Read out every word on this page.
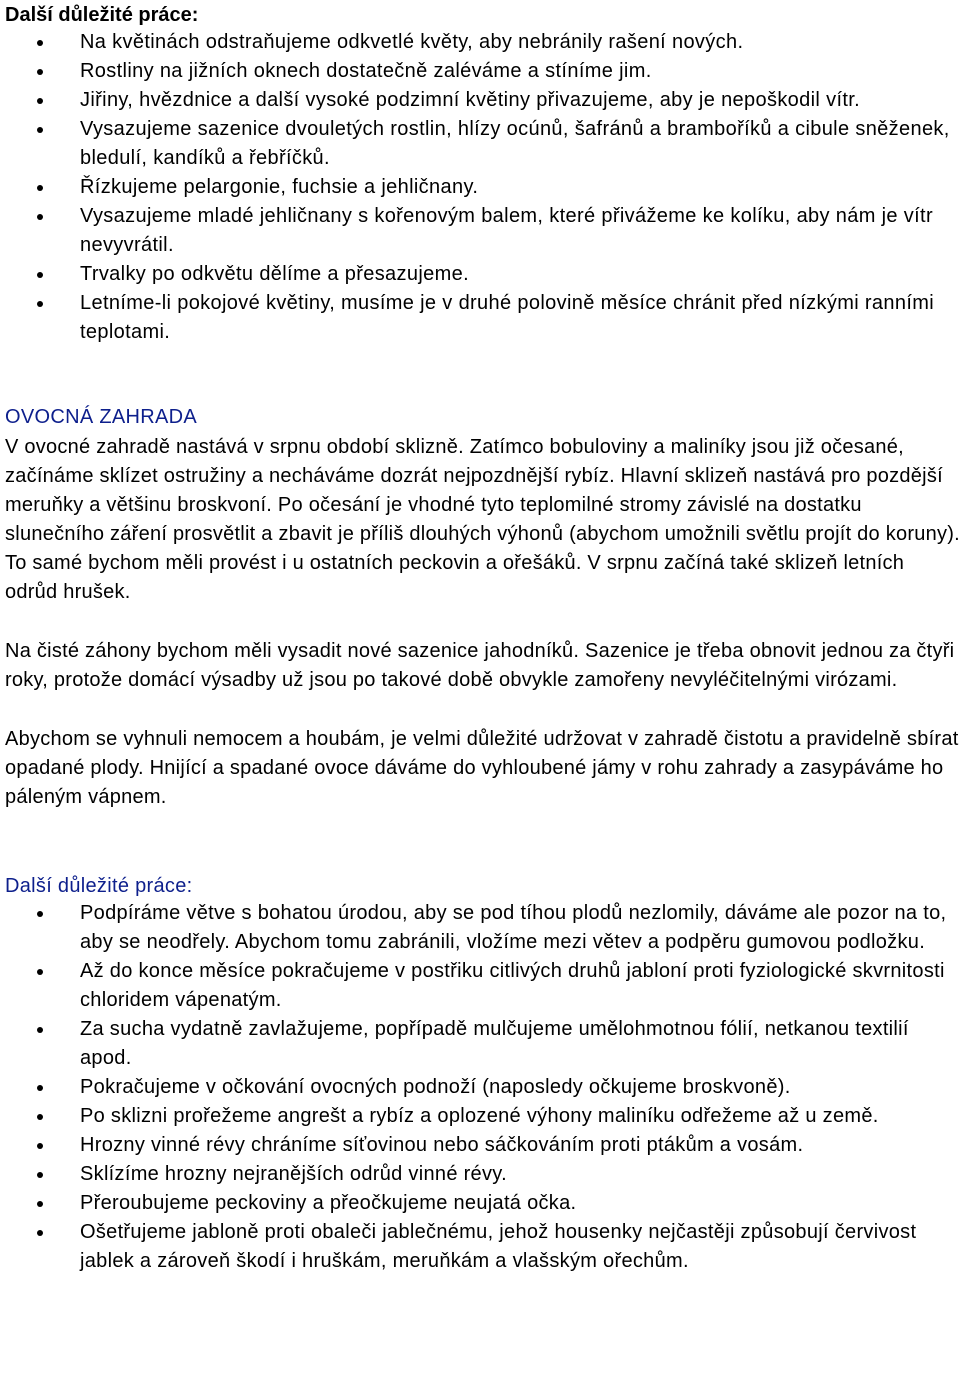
Další důležité práce:
Na květinách odstraňujeme odkvetlé květy, aby nebránily rašení nových.
Rostliny na jižních oknech dostatečně zaléváme a stíníme jim.
Jiřiny, hvězdnice a další vysoké podzimní květiny přivazujeme, aby je nepoškodil vítr.
Vysazujeme sazenice dvouletých rostlin, hlízy ocúnů, šafránů a bramboříků a cibule sněženek, bledulí, kandíků a řebříčků.
Řízkujeme pelargonie, fuchsie a jehličnany.
Vysazujeme mladé jehličnany s kořenovým balem, které přivážeme ke kolíku, aby nám je vítr nevyvrátil.
Trvalky po odkvětu dělíme a přesazujeme.
Letníme-li pokojové květiny, musíme je v druhé polovině měsíce chránit před nízkými ranními teplotami.
OVOCNÁ ZAHRADA

V ovocné zahradě nastává v srpnu období sklizně. Zatímco bobuloviny a maliníky jsou již očesané, začínáme sklízet ostružiny a necháváme dozrát nejpozdnější rybíz. Hlavní sklizeň nastává pro pozdější meruňky a většinu broskvoní. Po očesání je vhodné tyto teplomilné stromy závislé na dostatku slunečního záření prosvětlit a zbavit je příliš dlouhých výhonů (abychom umožnili světlu projít do koruny). To samé bychom měli provést i u ostatních peckovin a ořešáků. V srpnu začíná také sklizeň letních odrůd hrušek.

Na čisté záhony bychom měli vysadit nové sazenice jahodníků. Sazenice je třeba obnovit jednou za čtyři roky, protože domácí výsadby už jsou po takové době obvykle zamořeny nevyléčitelnými virózami.

Abychom se vyhnuli nemocem a houbám, je velmi důležité udržovat v zahradě čistotu a pravidelně sbírat opadané plody. Hnijící a spadané ovoce dáváme do vyhloubené jámy v rohu zahrady a zasypáváme ho páleným vápnem.

Další důležité práce:
Podpíráme větve s bohatou úrodou, aby se pod tíhou plodů nezlomily, dáváme ale pozor na to, aby se neodřely. Abychom tomu zabránili, vložíme mezi větev a podpěru gumovou podložku.
Až do konce měsíce pokračujeme v postřiku citlivých druhů jabloní proti fyziologické skvrnitosti chloridem vápenatým.
Za sucha vydatně zavlažujeme, popřípadě mulčujeme umělohmotnou fólií, netkanou textilií apod.
Pokračujeme v očkování ovocných podnoží (naposledy očkujeme broskvoně).
Po sklizni prořežeme angrešt a rybíz a oplozené výhony maliníku odřežeme až u země.
Hrozny vinné révy chráníme síťovinou nebo sáčkováním proti ptákům a vosám.
Sklízíme hrozny nejranějších odrůd vinné révy.
Přeroubujeme peckoviny a přeočkujeme neujatá očka.
Ošetřujeme jabloně proti obaleči jablečnému, jehož housenky nejčastěji způsobují červivost jablek a zároveň škodí i hruškám, meruňkám a vlašským ořechům.
